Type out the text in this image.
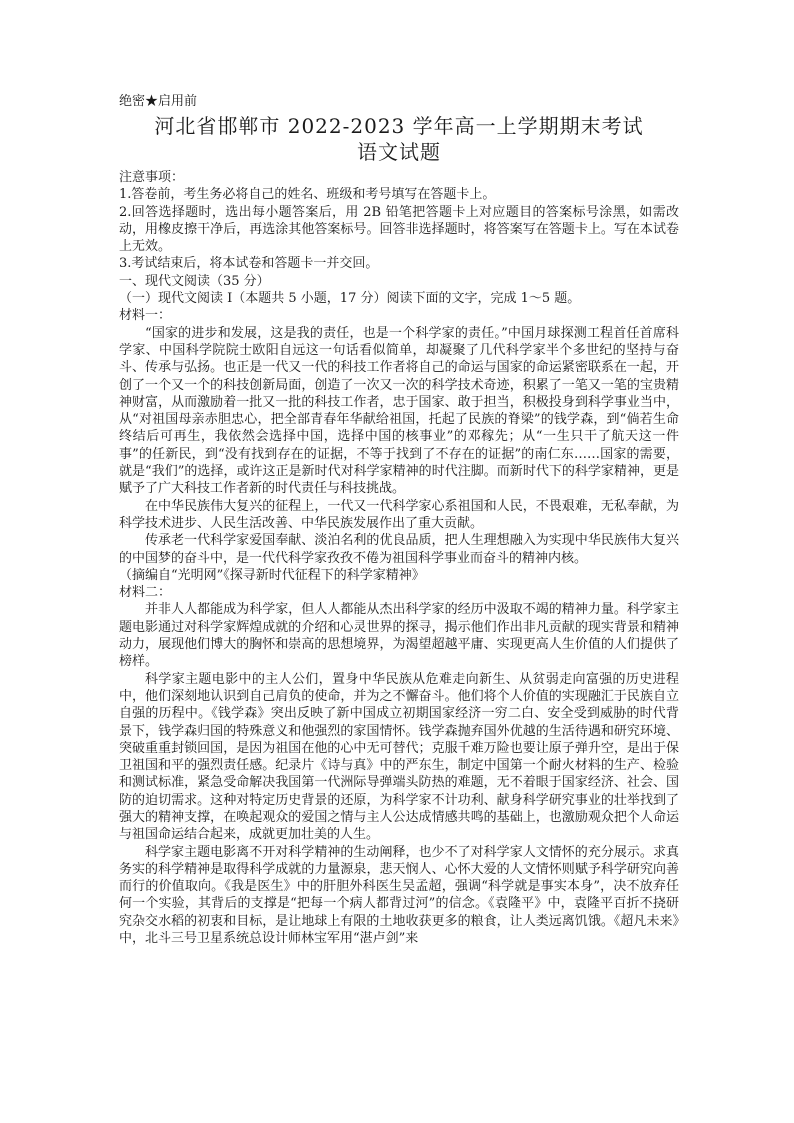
绝密★启用前

河北省邯郸市 2022-2023 学年高一上学期期末考试

语文试题

注意事项：

1.答卷前，考生务必将自己的姓名、班级和考号填写在答题卡上。

2.回答选择题时，选出每小题答案后，用 2B 铅笔把答题卡上对应题目的答案标号涂黑，如需改动，用橡皮擦干净后，再选涂其他答案标号。回答非选择题时，将答案写在答题卡上。写在本试卷上无效。

3.考试结束后，将本试卷和答题卡一并交回。

一、现代文阅读（35 分）

（一）现代文阅读 I（本题共 5 小题，17 分）阅读下面的文字，完成 1～5 题。

材料一：

“国家的进步和发展，这是我的责任，也是一个科学家的责任。”中国月球探测工程首任首席科学家、中国科学院院士欧阳自远这一句话看似简单，却凝聚了几代科学家半个多世纪的坚持与奋斗、传承与弘扬。也正是一代又一代的科技工作者将自己的命运与国家的命运紧密联系在一起，开创了一个又一个的科技创新局面，创造了一次又一次的科学技术奇迹，积累了一笔又一笔的宝贵精神财富，从而激励着一批又一批的科技工作者，忠于国家、敢于担当，积极投身到科学事业当中，从“对祖国母亲赤胆忠心，把全部青春年华献给祖国，托起了民族的脊梁”的钱学森，到“倘若生命终结后可再生，我依然会选择中国，选择中国的核事业”的邓稼先；从“一生只干了航天这一件事”的任新民，到“没有找到存在的证据，不等于找到了不存在的证据”的南仁东……国家的需要，就是“我们”的选择，或许这正是新时代对科学家精神的时代注脚。而新时代下的科学家精神，更是赋予了广大科技工作者新的时代责任与科技挑战。

在中华民族伟大复兴的征程上，一代又一代科学家心系祖国和人民，不畏艰难，无私奉献，为科学技术进步、人民生活改善、中华民族发展作出了重大贡献。

传承老一代科学家爱国奉献、淡泊名利的优良品质，把人生理想融入为实现中华民族伟大复兴的中国梦的奋斗中，是一代代科学家孜孜不倦为祖国科学事业而奋斗的精神内核。

（摘编自“光明网”《探寻新时代征程下的科学家精神》

材料二：

并非人人都能成为科学家，但人人都能从杰出科学家的经历中汲取不竭的精神力量。科学家主题电影通过对科学家辉煌成就的介绍和心灵世界的探寻，揭示他们作出非凡贡献的现实背景和精神动力，展现他们博大的胸怀和崇高的思想境界，为渴望超越平庸、实现更高人生价值的人们提供了榜样。

科学家主题电影中的主人公们，置身中华民族从危难走向新生、从贫弱走向富强的历史进程中，他们深刻地认识到自己肩负的使命，并为之不懈奋斗。他们将个人价值的实现融汇于民族自立自强的历程中。《钱学森》突出反映了新中国成立初期国家经济一穷二白、安全受到威胁的时代背景下，钱学森归国的特殊意义和他强烈的家国情怀。钱学森抛弃国外优越的生活待遇和研究环境、突破重重封锁回国，是因为祖国在他的心中无可替代；克服千难万险也要让原子弹升空，是出于保卫祖国和平的强烈责任感。纪录片《诗与真》中的严东生，制定中国第一个耐火材料的生产、检验和测试标准，紧急受命解决我国第一代洲际导弹端头防热的难题，无不着眼于国家经济、社会、国防的迫切需求。这种对特定历史背景的还原，为科学家不计功利、献身科学研究事业的壮举找到了强大的精神支撑，在唤起观众的爱国之情与主人公达成情感共鸣的基础上，也激励观众把个人命运与祖国命运结合起来，成就更加壮美的人生。

科学家主题电影离不开对科学精神的生动阐释，也少不了对科学家人文情怀的充分展示。求真务实的科学精神是取得科学成就的力量源泉，悲天悯人、心怀大爱的人文情怀则赋予科学研究向善而行的价值取向。《我是医生》中的肝胆外科医生吴孟超，强调“科学就是事实本身”，决不放弃任何一个实验，其背后的支撑是“把每一个病人都背过河”的信念。《袁隆平》中，袁隆平百折不挠研究杂交水稻的初衷和目标，是让地球上有限的土地收获更多的粮食，让人类远离饥饿。《超凡未来》中，北斗三号卫星系统总设计师林宝军用“湛卢剑”来
